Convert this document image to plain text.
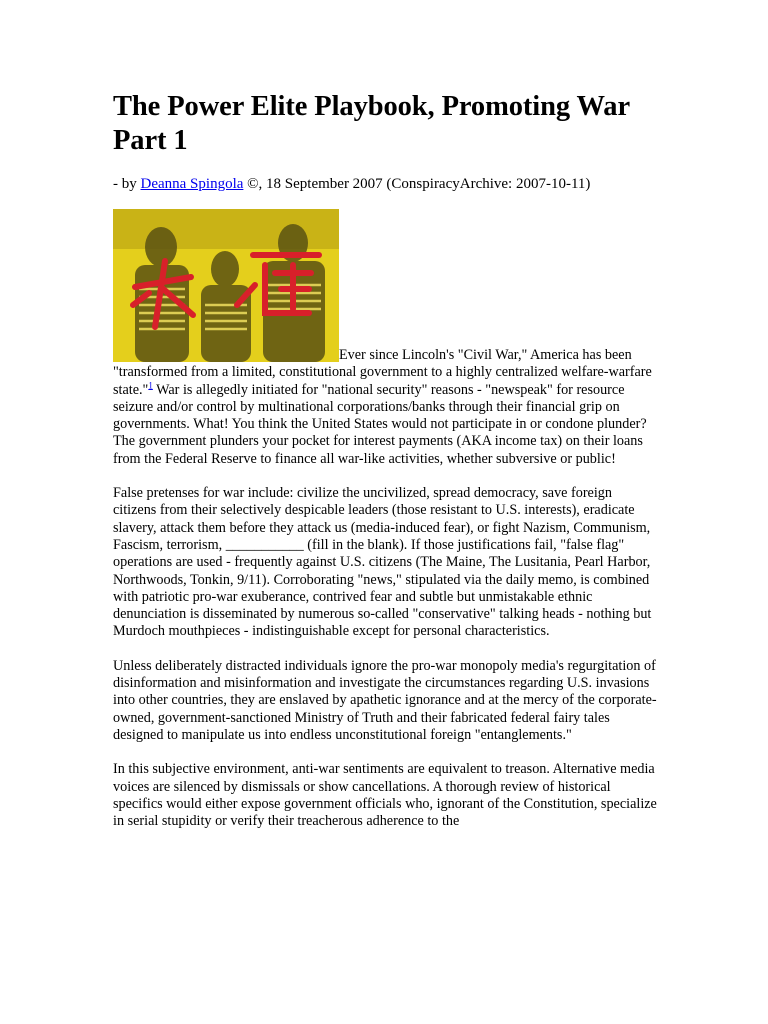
The Power Elite Playbook, Promoting War Part 1
- by Deanna Spingola ©, 18 September 2007 (ConspiracyArchive: 2007-10-11)

Ever since Lincoln's "Civil War," America has been "transformed from a limited, constitutional government to a highly centralized welfare-warfare state."$^1$ War is allegedly initiated for "national security" reasons - "newspeak" for resource seizure and/or control by multinational corporations/banks through their financial grip on governments. What! You think the United States would not participate in or condone plunder? The government plunders your pocket for interest payments (AKA income tax) on their loans from the Federal Reserve to finance all war-like activities, whether subversive or public!

False pretenses for war include: civilize the uncivilized, spread democracy, save foreign citizens from their selectively despicable leaders (those resistant to U.S. interests), eradicate slavery, attack them before they attack us (media-induced fear), or fight Nazism, Communism, Fascism, terrorism, ___________ (fill in the blank). If those justifications fail, "false flag" operations are used - frequently against U.S. citizens (The Maine, The Lusitania, Pearl Harbor, Northwoods, Tonkin, 9/11). Corroborating "news," stipulated via the daily memo, is combined with patriotic pro-war exuberance, contrived fear and subtle but unmistakable ethnic denunciation is disseminated by numerous so-called "conservative" talking heads - nothing but Murdoch mouthpieces - indistinguishable except for personal characteristics.

Unless deliberately distracted individuals ignore the pro-war monopoly media's regurgitation of disinformation and misinformation and investigate the circumstances regarding U.S. invasions into other countries, they are enslaved by apathetic ignorance and at the mercy of the corporate-owned, government-sanctioned Ministry of Truth and their fabricated federal fairy tales designed to manipulate us into endless unconstitutional foreign "entanglements."

In this subjective environment, anti-war sentiments are equivalent to treason. Alternative media voices are silenced by dismissals or show cancellations. A thorough review of historical specifics would either expose government officials who, ignorant of the Constitution, specialize in serial stupidity or verify their treacherous adherence to the
